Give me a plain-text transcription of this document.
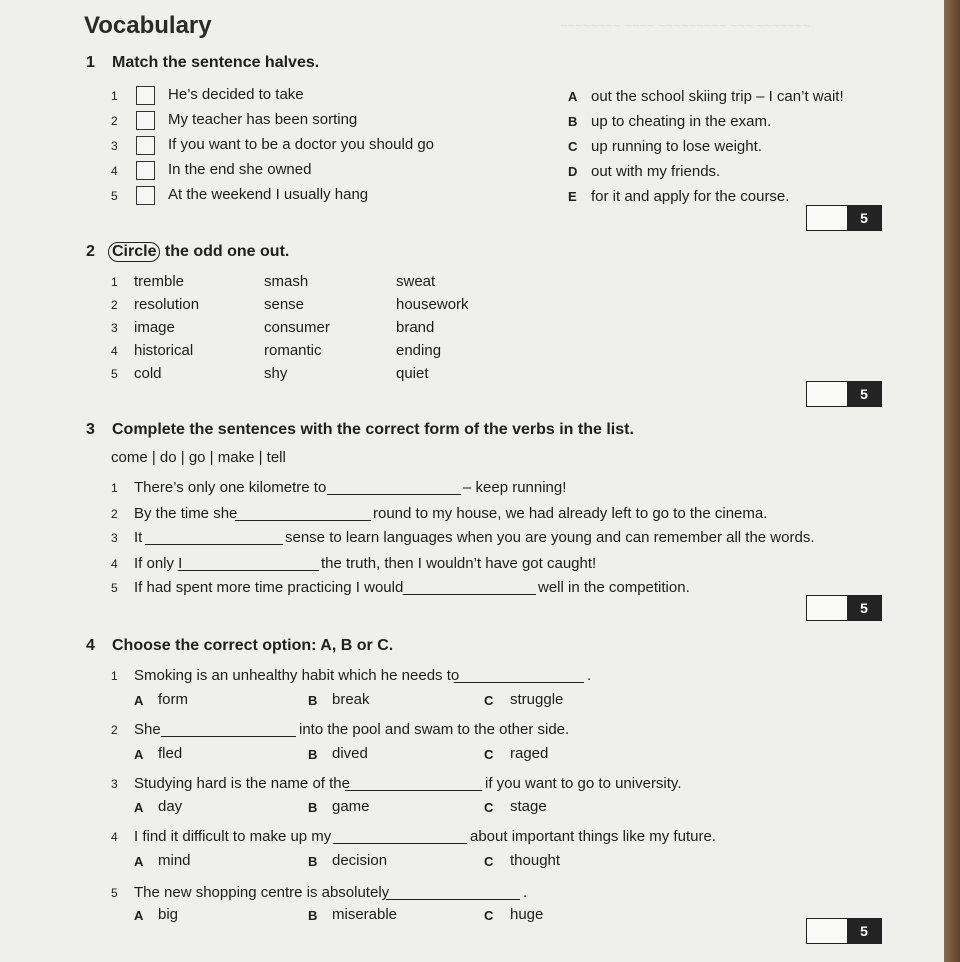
~~~~~~~~ ~~~~ ~~~~~~~~~ ~~~ ~~~~~~~
Vocabulary
1 Match the sentence halves.
1	He’s decided to take
2	My teacher has been sorting
3	If you want to be a doctor you should go
4	In the end she owned
5	At the weekend I usually hang
A out the school skiing trip – I can’t wait!
B up to cheating in the exam.
C up running to lose weight.
D out with my friends.
E for it and apply for the course.
5
2 Circle the odd one out.
1 tremble	smash	sweat
2 resolution	sense	housework
3 image	consumer	brand
4 historical	romantic	ending
5 cold	shy	quiet
5
3 Complete the sentences with the correct form of the verbs in the list.
come | do | go | make | tell
1 There’s only one kilometre to	– keep running!
2 By the time she	round to my house, we had already left to go to the cinema.
3 It	sense to learn languages when you are young and can remember all the words.
4 If only I	the truth, then I wouldn’t have got caught!
5 If had spent more time practicing I would	well in the competition.
5
4 Choose the correct option: A, B or C.
1 Smoking is an unhealthy habit which he needs to	.
A form	B break	C struggle
2 She	into the pool and swam to the other side.
A fled	B dived	C raged
3 Studying hard is the name of the	if you want to go to university.
A day	B game	C stage
4 I find it difficult to make up my	about important things like my future.
A mind	B decision	C thought
5 The new shopping centre is absolutely	.
A big	B miserable	C huge
5
